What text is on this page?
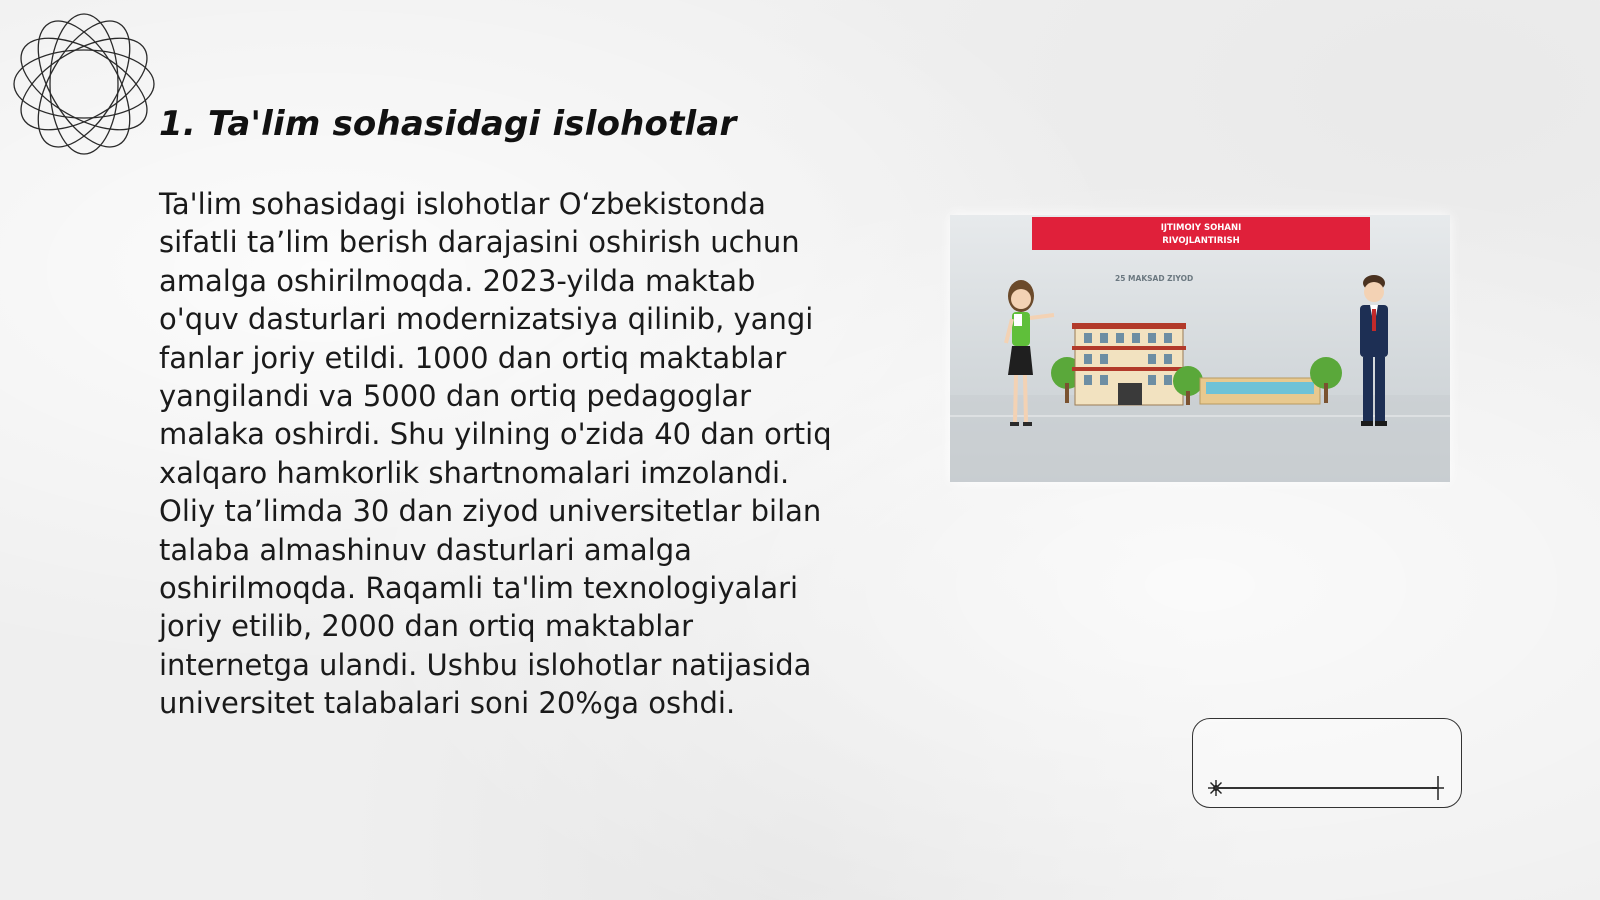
1. Ta'lim sohasidagi islohotlar

Ta'lim sohasidagi islohotlar O‘zbekistonda sifatli ta’lim berish darajasini oshirish uchun amalga oshirilmoqda. 2023-yilda maktab o'quv dasturlari modernizatsiya qilinib, yangi fanlar joriy etildi. 1000 dan ortiq maktablar yangilandi va 5000 dan ortiq pedagoglar malaka oshirdi. Shu yilning o'zida 40 dan ortiq xalqaro hamkorlik shartnomalari imzolandi. Oliy ta’limda 30 dan ziyod universitetlar bilan talaba almashinuv dasturlari amalga oshirilmoqda. Raqamli ta'lim texnologiyalari joriy etilib, 2000 dan ortiq maktablar internetga ulandi. Ushbu islohotlar natijasida universitet talabalari soni 20%ga oshdi.

IJTIMOIY SOHANI
RIVOJLANTIRISH
25 MAKSAD ZIYOD
